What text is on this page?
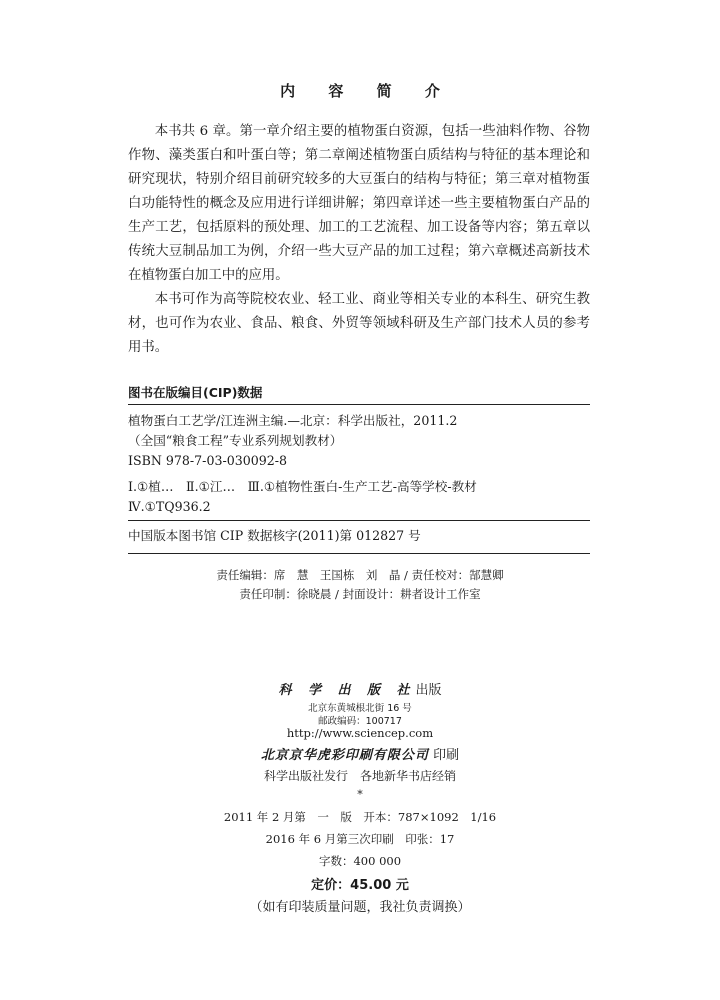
内 容 简 介

本书共 6 章。第一章介绍主要的植物蛋白资源，包括一些油料作物、谷物作物、藻类蛋白和叶蛋白等；第二章阐述植物蛋白质结构与特征的基本理论和研究现状，特别介绍目前研究较多的大豆蛋白的结构与特征；第三章对植物蛋白功能特性的概念及应用进行详细讲解；第四章详述一些主要植物蛋白产品的生产工艺，包括原料的预处理、加工的工艺流程、加工设备等内容；第五章以传统大豆制品加工为例，介绍一些大豆产品的加工过程；第六章概述高新技术在植物蛋白加工中的应用。

本书可作为高等院校农业、轻工业、商业等相关专业的本科生、研究生教材，也可作为农业、食品、粮食、外贸等领域科研及生产部门技术人员的参考用书。

图书在版编目(CIP)数据
植物蛋白工艺学/江连洲主编.—北京：科学出版社，2011.2
（全国“粮食工程”专业系列规划教材）
ISBN 978-7-03-030092-8
Ⅰ.①植…　Ⅱ.①江…　Ⅲ.①植物性蛋白-生产工艺-高等学校-教材
Ⅳ.①TQ936.2
中国版本图书馆 CIP 数据核字(2011)第 012827 号
责任编辑：席　慧　王国栋　刘　晶 / 责任校对：郜慧卿
责任印制：徐晓晨 / 封面设计：耕者设计工作室
科 学 出 版 社出版
北京东黄城根北街 16 号
邮政编码：100717
http://www.sciencep.com
北京京华虎彩印刷有限公司 印刷
科学出版社发行　各地新华书店经销
*
2011 年 2 月第　一　版　开本：787×1092　1/16
2016 年 6 月第三次印刷　印张：17
字数：400 000
定价：45.00 元
（如有印装质量问题，我社负责调换）
